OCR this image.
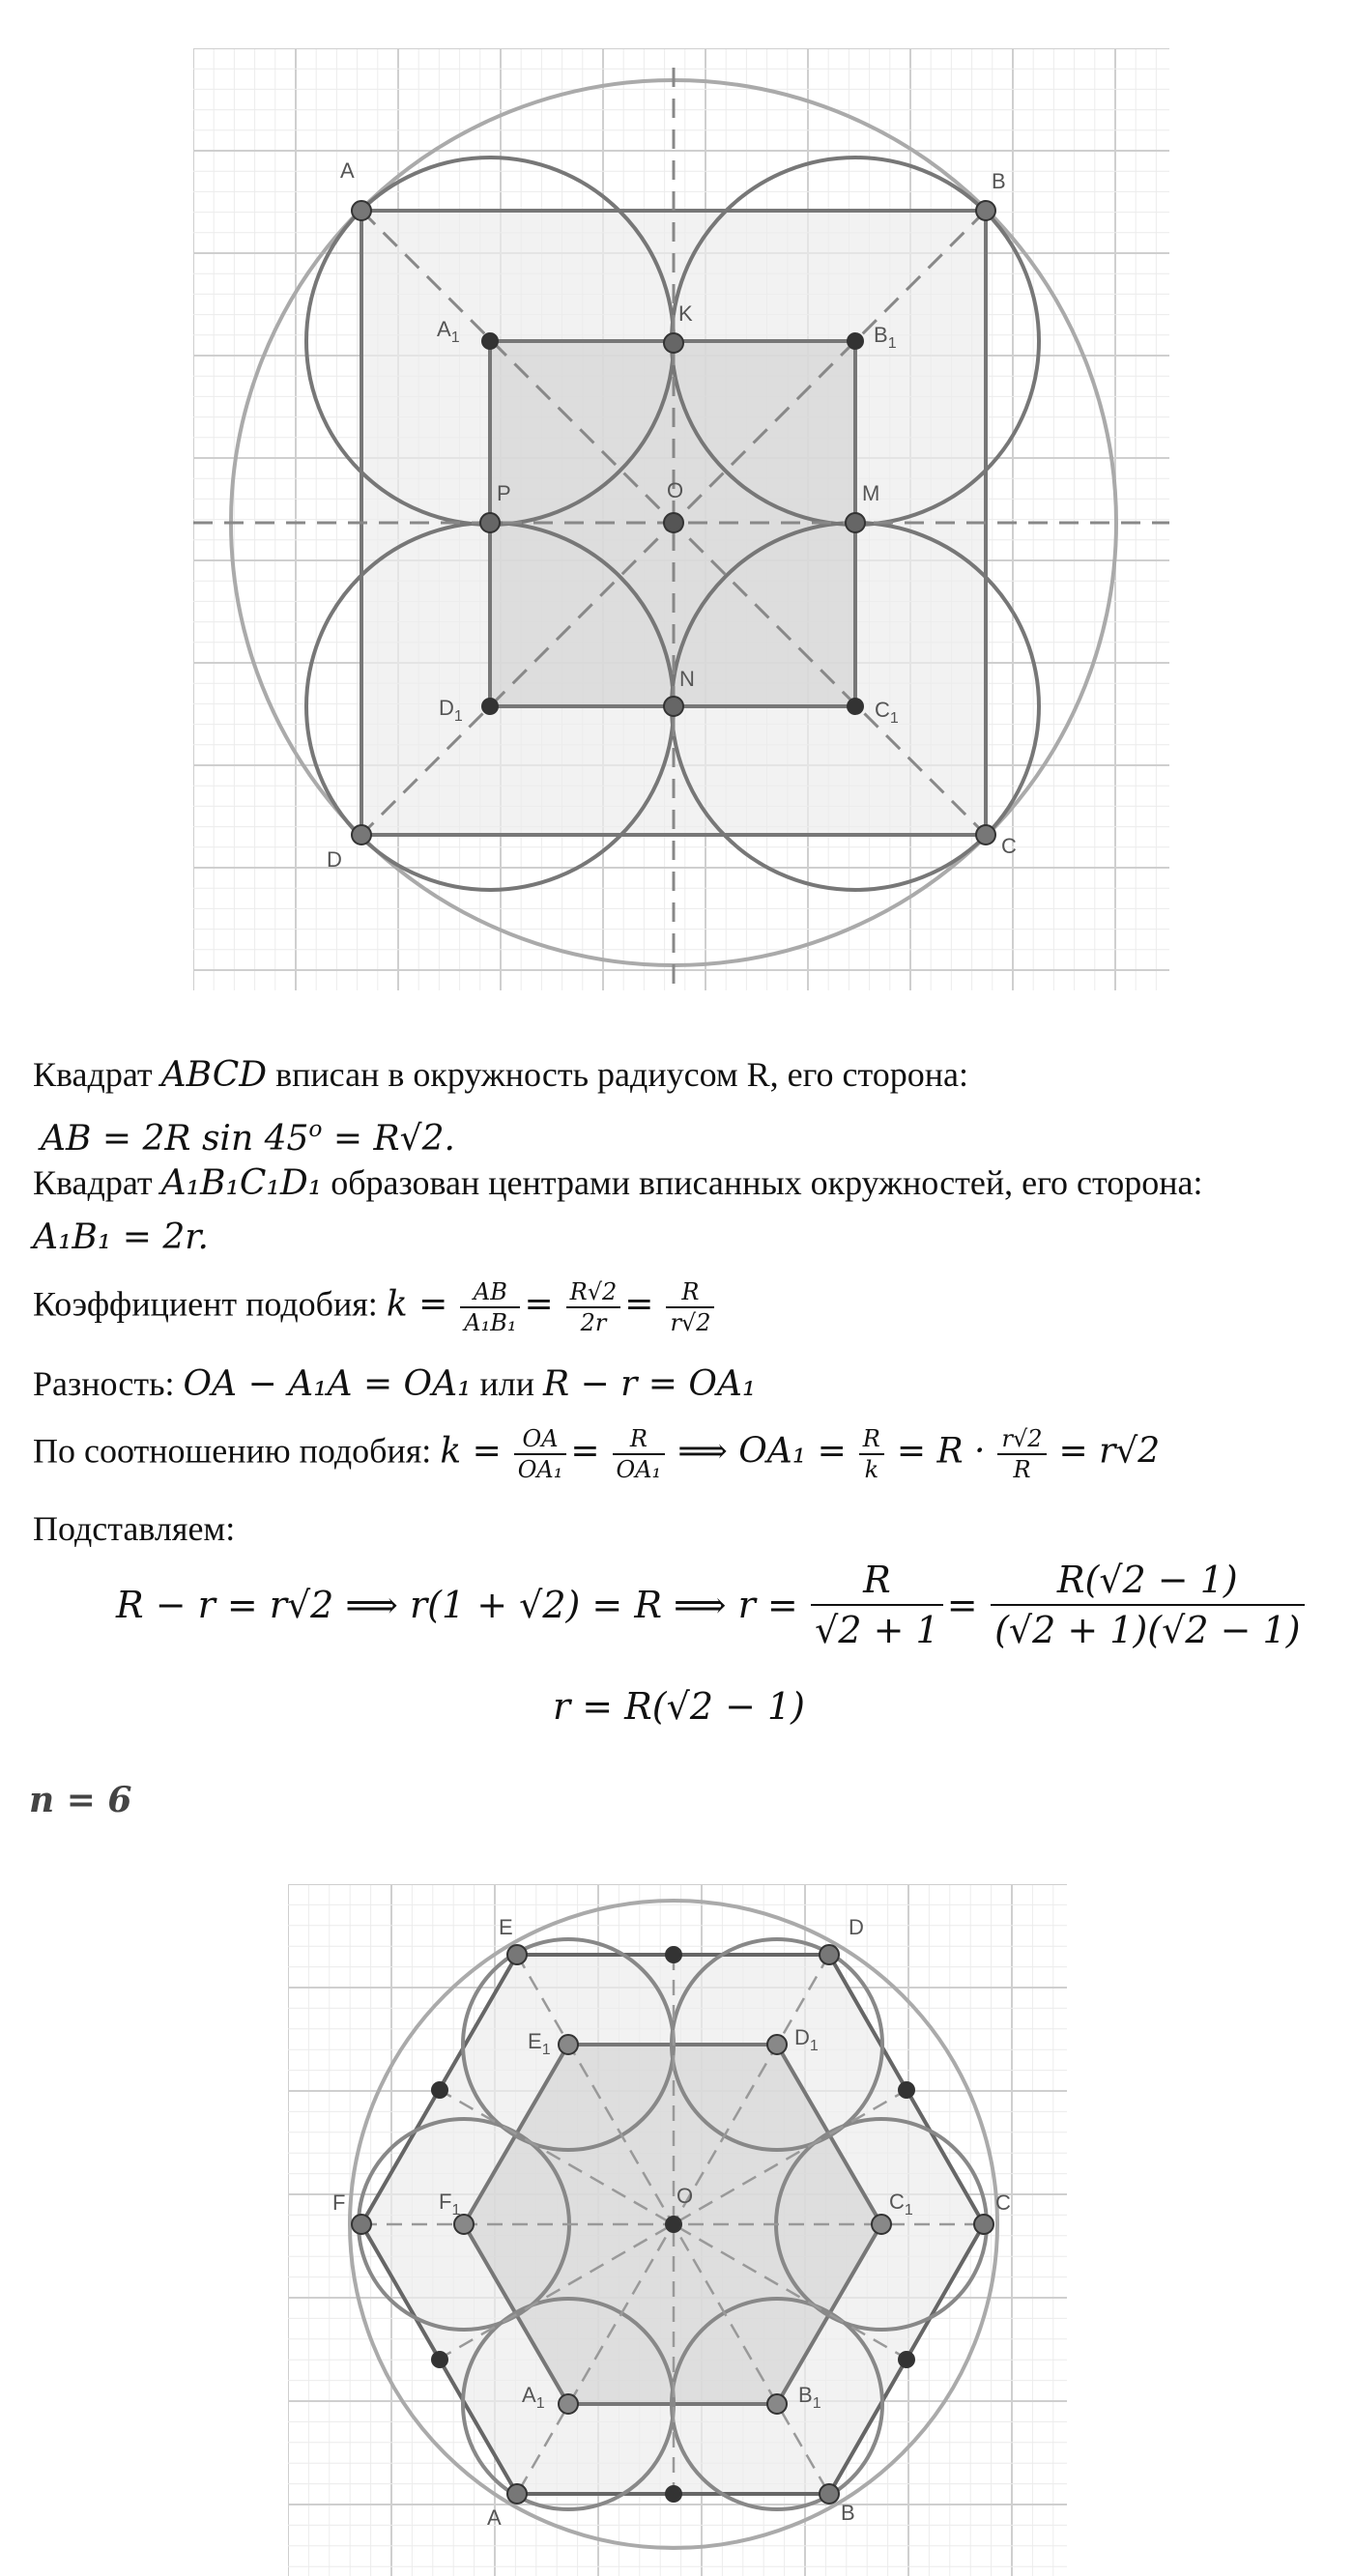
A	B
C
D
$A_1$	$B_1$
$C_1$
$D_1$
K
P	O	M
N
Квадрат ABCD вписан в окружность радиусом R, его сторона:
AB = 2R $\sin 45^o = R√2$.
Квадрат A₁B₁C₁D₁ образован центрами вписанных окружностей, его сторона:
A₁B₁ = 2r.
Коэффициент подобия: $k = \frac{AB}{\text{A₁B₁}} = \frac{R√2}{2r} = \frac{R}{r√2}$
Разность: OA − A₁A = OA₁ или R − r = OA₁
По соотношению подобия: $k = \frac{OA}{\text{OA₁}} = \frac{R}{\text{OA₁}}$ ⟹ $OA_1 = \frac{R}{k} = R \cdot \frac{r√2}{R} = r√2$
Подставляем:
R − r = r√2 ⟹ r(1 + √2) = R ⟹ $r = \frac{R}{√2 + 1} = \frac{R(√2 - 1)}{(√2 + 1)(√2 - 1)}$
r = R(√2 − 1)
n = 6
E	D
F	C
A	B
$E_1$
$D_1$
$F_1$	$C_1$
$A_1$	$B_1$
O
